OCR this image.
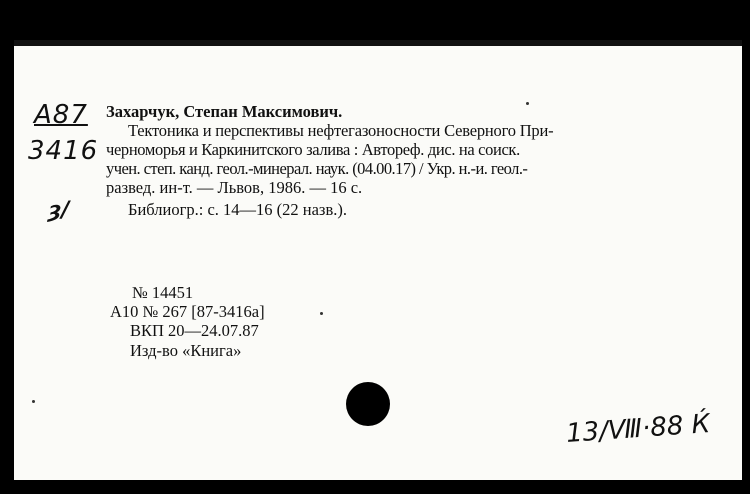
A87
3416
ȝ/
Захарчук, Степан Максимович.
Тектоника и перспективы нефтегазоносности Северного При-
черноморья и Каркинитского залива : Автореф. дис. на соиск.
учен. степ. канд. геол.-минерал. наук. (04.00.17) / Укр. н.-и. геол.-
развед. ин-т. — Львов, 1986. — 16 с.
Библиогр.: с. 14—16 (22 назв.).
№ 14451
А10 № 267 [87-3416а]
ВКП 20—24.07.87
Изд-во «Книга»
13/Ⅷ·88 Ќ
